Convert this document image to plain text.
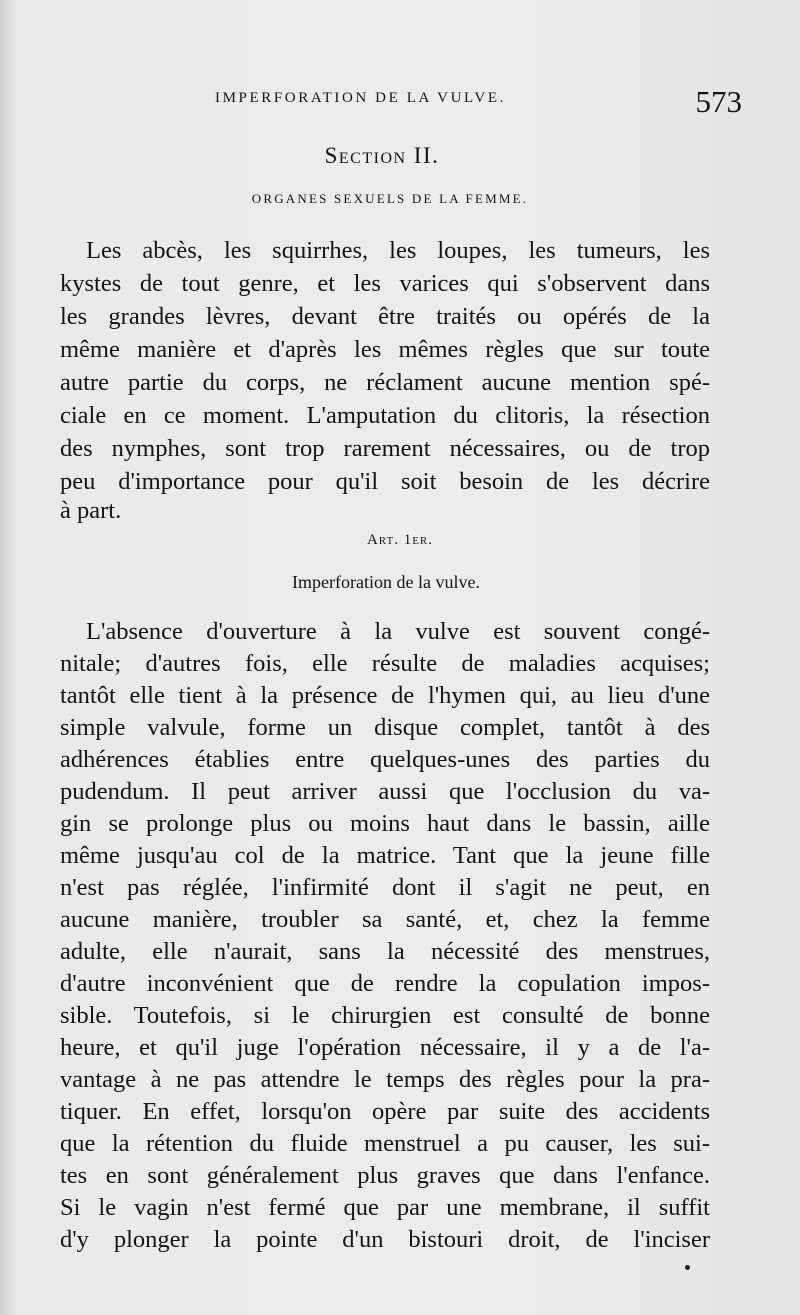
IMPERFORATION DE LA VULVE.	573
Section II.
ORGANES SEXUELS DE LA FEMME.
Les abcès, les squirrhes, les loupes, les tumeurs, les
kystes de tout genre, et les varices qui s'observent dans
les grandes lèvres, devant être traités ou opérés de la
même manière et d'après les mêmes règles que sur toute
autre partie du corps, ne réclament aucune mention spé-
ciale en ce moment. L'amputation du clitoris, la résection
des nymphes, sont trop rarement nécessaires, ou de trop
peu d'importance pour qu'il soit besoin de les décrire
à part.
Art. 1er.
Imperforation de la vulve.
L'absence d'ouverture à la vulve est souvent congé-
nitale; d'autres fois, elle résulte de maladies acquises;
tantôt elle tient à la présence de l'hymen qui, au lieu d'une
simple valvule, forme un disque complet, tantôt à des
adhérences établies entre quelques-unes des parties du
pudendum. Il peut arriver aussi que l'occlusion du va-
gin se prolonge plus ou moins haut dans le bassin, aille
même jusqu'au col de la matrice. Tant que la jeune fille
n'est pas réglée, l'infirmité dont il s'agit ne peut, en
aucune manière, troubler sa santé, et, chez la femme
adulte, elle n'aurait, sans la nécessité des menstrues,
d'autre inconvénient que de rendre la copulation impos-
sible. Toutefois, si le chirurgien est consulté de bonne
heure, et qu'il juge l'opération nécessaire, il y a de l'a-
vantage à ne pas attendre le temps des règles pour la pra-
tiquer. En effet, lorsqu'on opère par suite des accidents
que la rétention du fluide menstruel a pu causer, les sui-
tes en sont généralement plus graves que dans l'enfance.
Si le vagin n'est fermé que par une membrane, il suffit
d'y plonger la pointe d'un bistouri droit, de l'inciser
